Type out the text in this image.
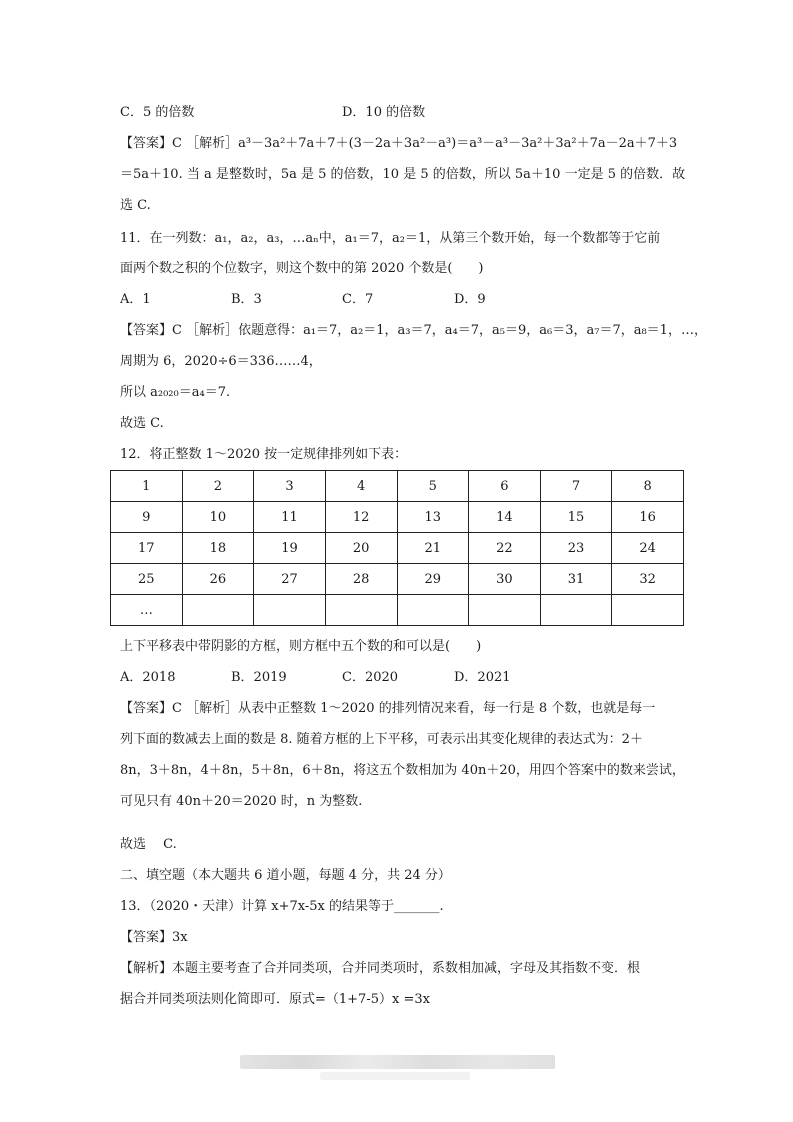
C．5 的倍数	D．10 的倍数
【答案】C ［解析］a³－3a²＋7a＋7＋(3－2a＋3a²－a³)＝a³－a³－3a²＋3a²＋7a－2a＋7＋3
＝5a＋10. 当 a 是整数时，5a 是 5 的倍数，10 是 5 的倍数，所以 5a＋10 一定是 5 的倍数．故
选 C.
11．在一列数：a₁，a₂，a₃，…aₙ中，a₁＝7，a₂＝1，从第三个数开始，每一个数都等于它前
面两个数之积的个位数字，则这个数中的第 2020 个数是(　　)
A．1	B．3	C．7	D．9
【答案】C ［解析］依题意得：a₁＝7，a₂＝1，a₃＝7，a₄＝7，a₅＝9，a₆＝3，a₇＝7，a₈＝1，…，
周期为 6，2020÷6＝336……4，
所以 a₂₀₂₀＝a₄＝7.
故选 C.
12．将正整数 1～2020 按一定规律排列如下表：
1	2	3	4	5	6	7	8
9	10	11	12	13	14	15	16
17	18	19	20	21	22	23	24
25	26	27	28	29	30	31	32
…							
上下平移表中带阴影的方框，则方框中五个数的和可以是(　　)
A．2018	B．2019	C．2020	D．2021
【答案】C ［解析］从表中正整数 1～2020 的排列情况来看，每一行是 8 个数，也就是每一
列下面的数减去上面的数是 8. 随着方框的上下平移，可表示出其变化规律的表达式为：2＋
8n，3＋8n，4＋8n，5＋8n，6＋8n，将这五个数相加为 40n＋20，用四个答案中的数来尝试，
可见只有 40n＋20＝2020 时，n 为整数.
故选　 C.
二、填空题（本大题共 6 道小题，每题 4 分，共 24 分）
13．（2020・天津）计算 x+7x-5x 的结果等于_______.
【答案】3x
【解析】本题主要考查了合并同类项，合并同类项时，系数相加减，字母及其指数不变．根
据合并同类项法则化简即可．原式=（1+7-5）x =3x
